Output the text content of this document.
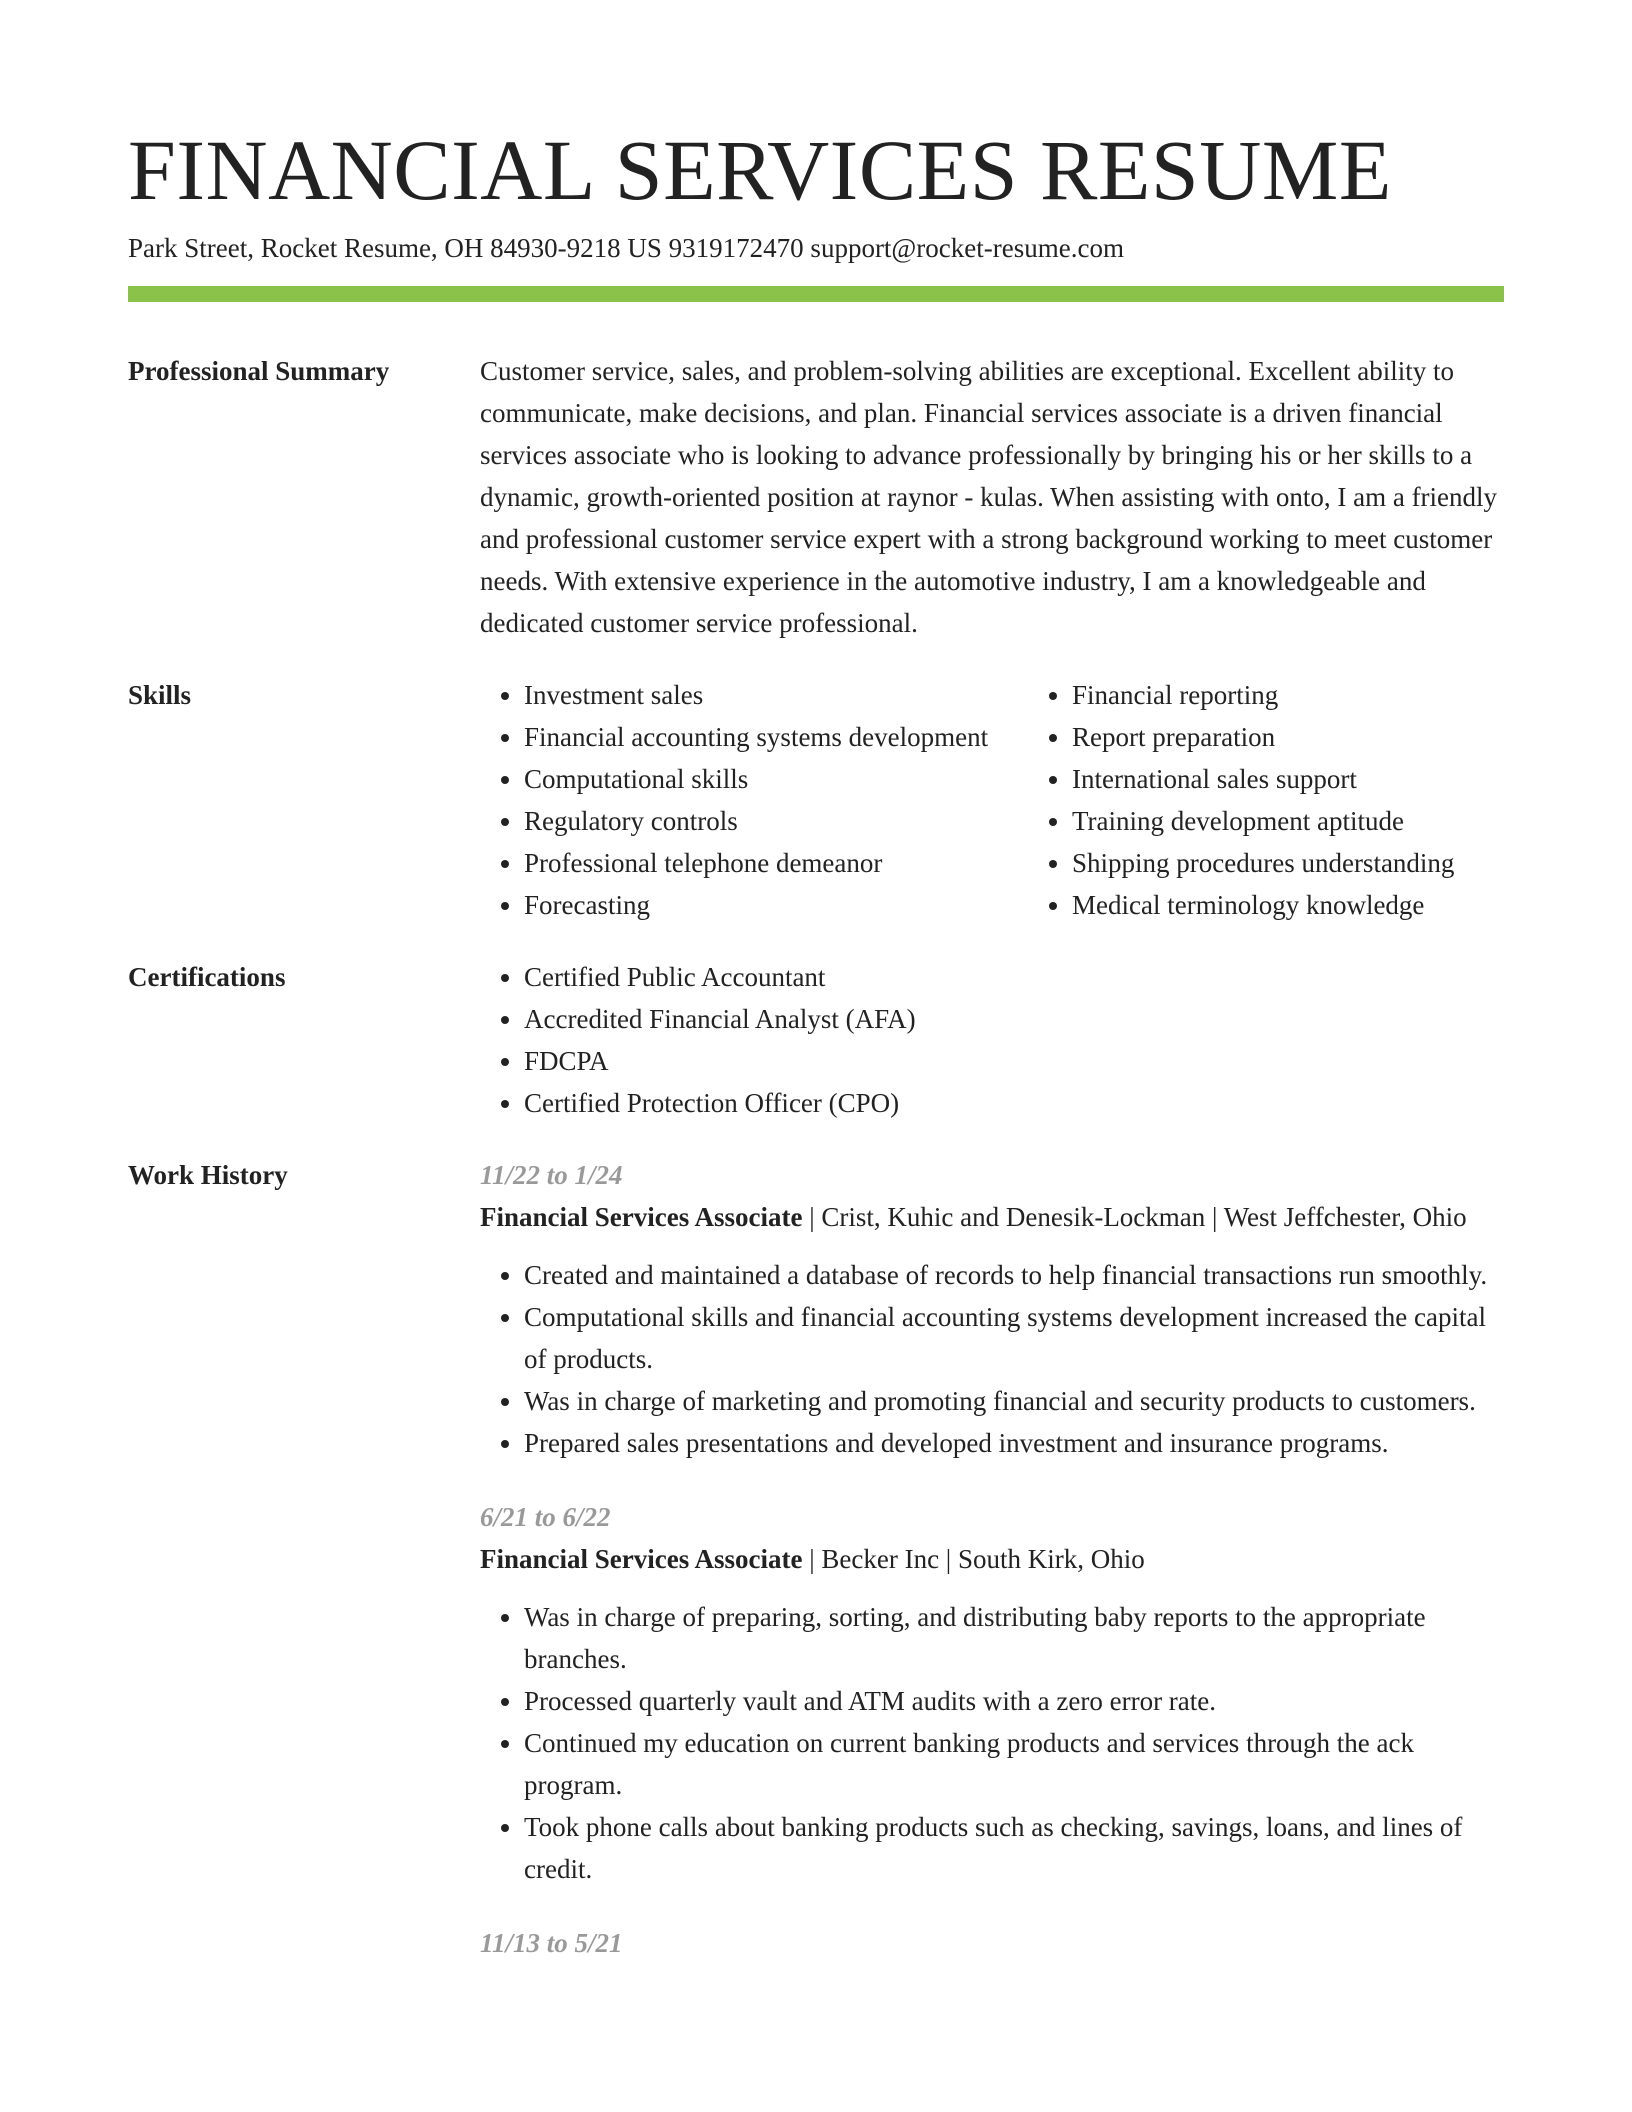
FINANCIAL SERVICES RESUME
Park Street, Rocket Resume, OH 84930-9218 US 9319172470 support@rocket-resume.com
Professional Summary	Customer service, sales, and problem-solving abilities are exceptional. Excellent ability to communicate, make decisions, and plan. Financial services associate is a driven financial services associate who is looking to advance professionally by bringing his or her skills to a dynamic, growth-oriented position at raynor - kulas. When assisting with onto, I am a friendly and professional customer service expert with a strong background working to meet customer needs. With extensive experience in the automotive industry, I am a knowledgeable and dedicated customer service professional.

Skills	• Investment sales
• Financial accounting systems development
• Computational skills
• Regulatory controls
• Professional telephone demeanor
• Forecasting
• Financial reporting
• Report preparation
• International sales support
• Training development aptitude
• Shipping procedures understanding
• Medical terminology knowledge
Certifications	• Certified Public Accountant
• Accredited Financial Analyst (AFA)
• FDCPA
• Certified Protection Officer (CPO)
Work History	11/22 to 1/24
Financial Services Associate | Crist, Kuhic and Denesik-Lockman | West Jeffchester, Ohio
• Created and maintained a database of records to help financial transactions run smoothly.
• Computational skills and financial accounting systems development increased the capital of products.
• Was in charge of marketing and promoting financial and security products to customers.
• Prepared sales presentations and developed investment and insurance programs.
6/21 to 6/22
Financial Services Associate | Becker Inc | South Kirk, Ohio
• Was in charge of preparing, sorting, and distributing baby reports to the appropriate branches.
• Processed quarterly vault and ATM audits with a zero error rate.
• Continued my education on current banking products and services through the ack program.
• Took phone calls about banking products such as checking, savings, loans, and lines of credit.
11/13 to 5/21
